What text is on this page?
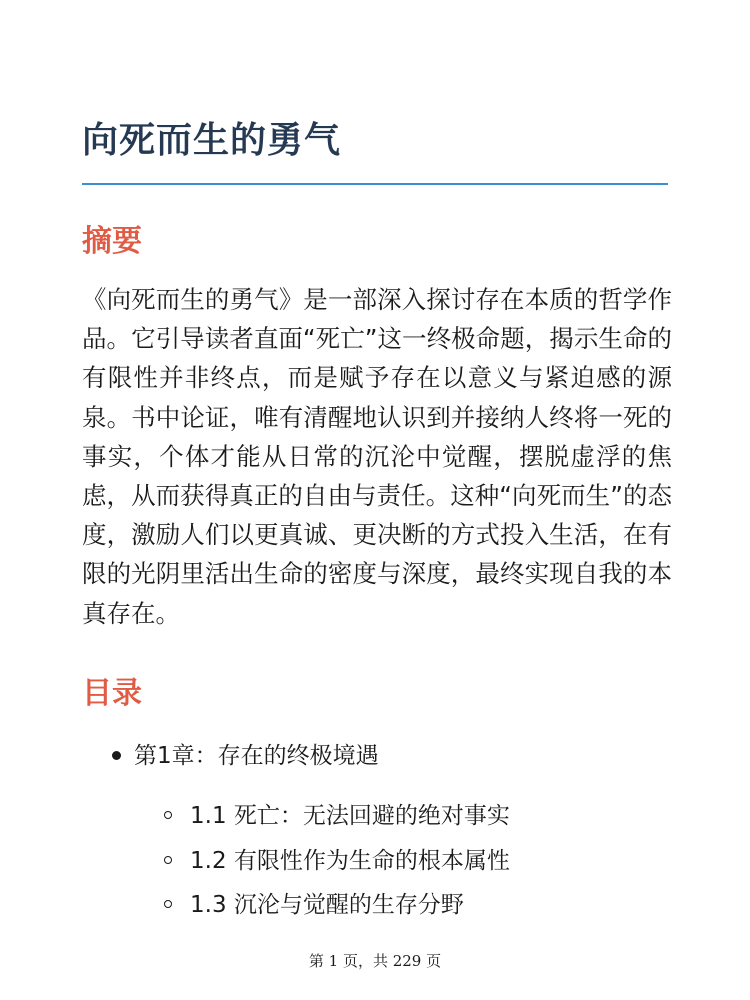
向死而生的勇气
摘要

《向死而生的勇气》是一部深入探讨存在本质的哲学作品。它引导读者直面“死亡”这一终极命题，揭示生命的有限性并非终点，而是赋予存在以意义与紧迫感的源泉。书中论证，唯有清醒地认识到并接纳人终将一死的事实，个体才能从日常的沉沦中觉醒，摆脱虚浮的焦虑，从而获得真正的自由与责任。这种“向死而生”的态度，激励人们以更真诚、更决断的方式投入生活，在有限的光阴里活出生命的密度与深度，最终实现自我的本真存在。

目录
第1章：存在的终极境遇
1.1 死亡：无法回避的绝对事实
1.2 有限性作为生命的根本属性
1.3 沉沦与觉醒的生存分野
第 1 页，共 229 页
